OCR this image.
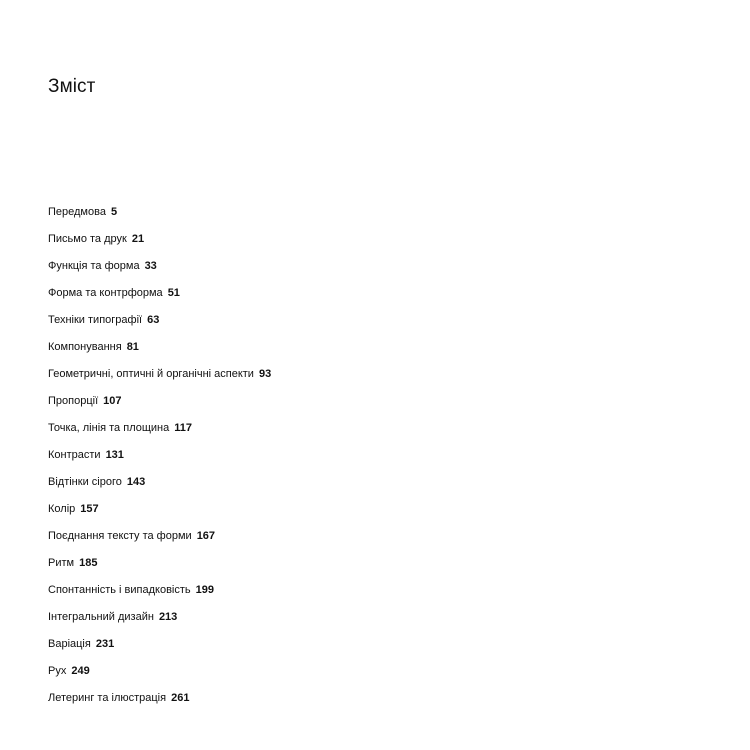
Зміст
Передмова 5
Письмо та друк 21
Функція та форма 33
Форма та контрформа 51
Техніки типографії 63
Компонування 81
Геометричні, оптичні й органічні аспекти 93
Пропорції 107
Точка, лінія та площина 117
Контрасти 131
Відтінки сірого 143
Колір 157
Поєднання тексту та форми 167
Ритм 185
Спонтанність і випадковість 199
Інтегральний дизайн 213
Варіація 231
Рух 249
Летеринг та ілюстрація 261
